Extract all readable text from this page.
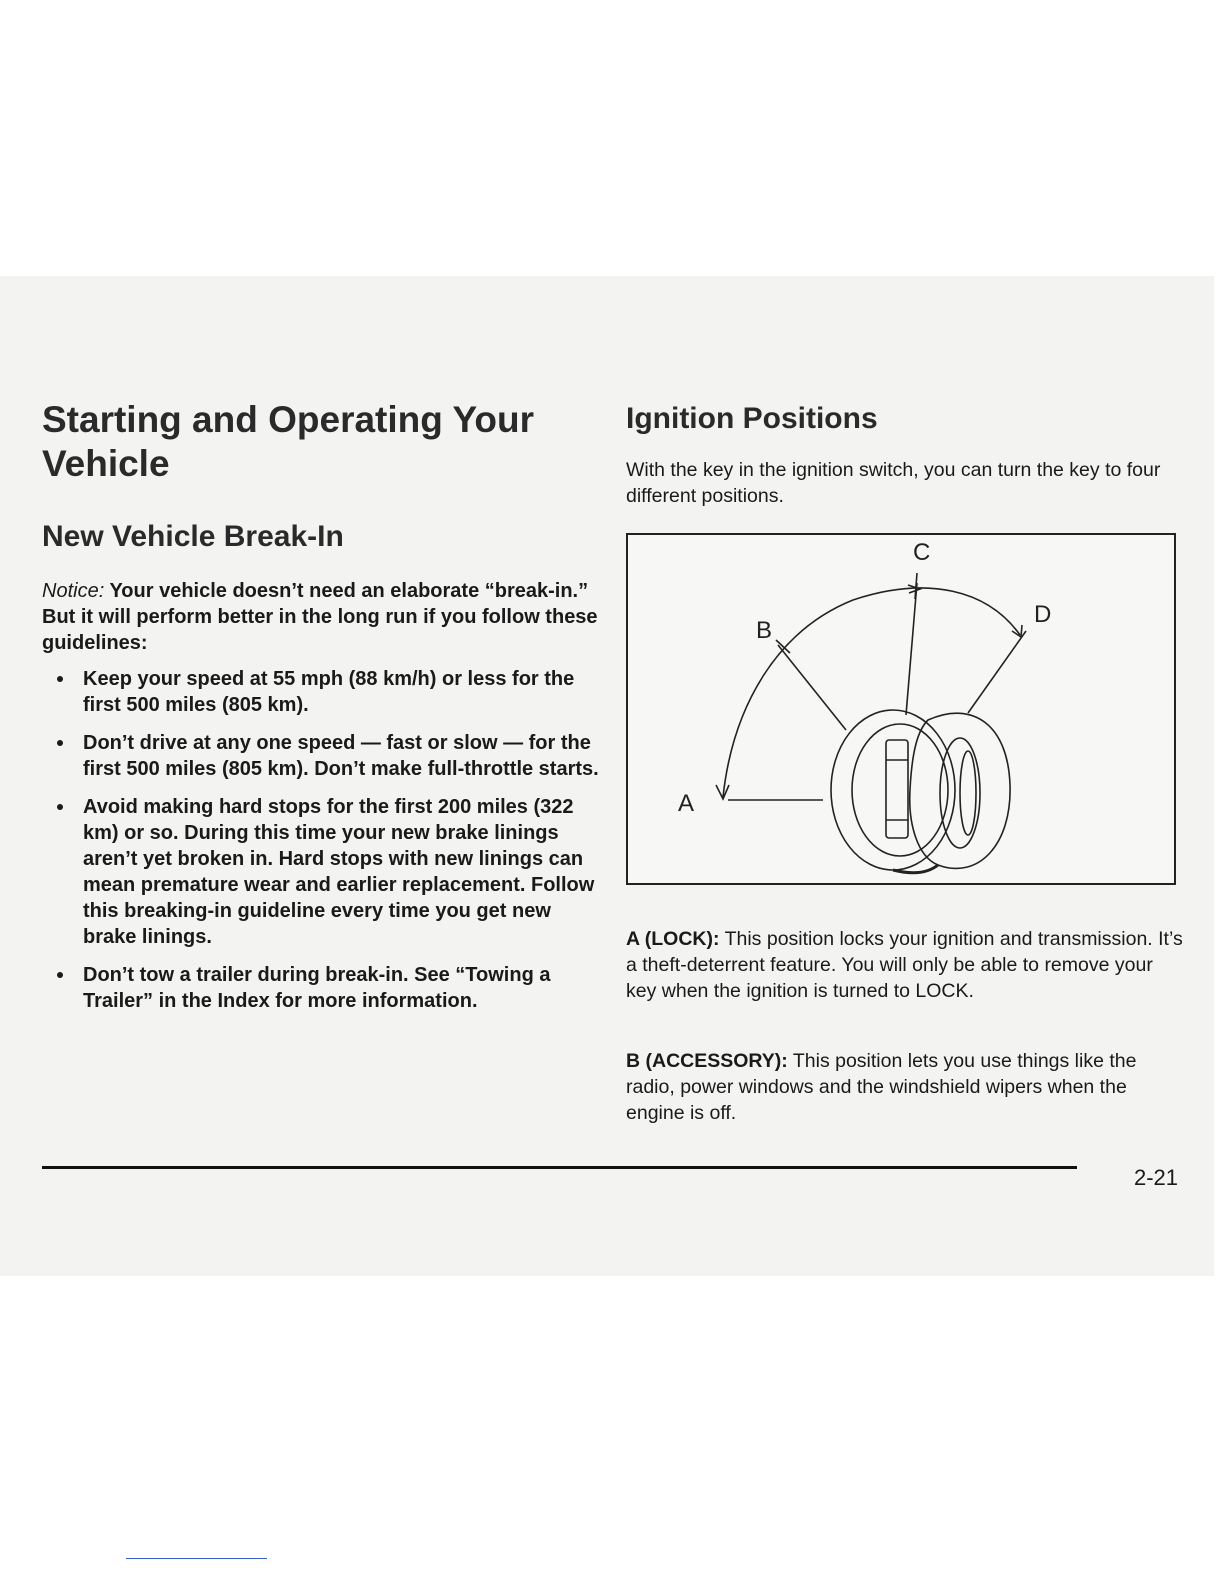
Starting and Operating Your Vehicle
New Vehicle Break-In

Notice: Your vehicle doesn’t need an elaborate “break-in.” But it will perform better in the long run if you follow these guidelines:

Keep your speed at 55 mph (88 km/h) or less for the first 500 miles (805 km).
Don’t drive at any one speed — fast or slow — for the first 500 miles (805 km). Don’t make full-throttle starts.
Avoid making hard stops for the first 200 miles (322 km) or so. During this time your new brake linings aren’t yet broken in. Hard stops with new linings can mean premature wear and earlier replacement. Follow this breaking-in guideline every time you get new brake linings.
Don’t tow a trailer during break-in. See “Towing a Trailer” in the Index for more information.
Ignition Positions

With the key in the ignition switch, you can turn the key to four different positions.

A
B
C
D

A (LOCK): This position locks your ignition and transmission. It’s a theft-deterrent feature. You will only be able to remove your key when the ignition is turned to LOCK.

B (ACCESSORY): This position lets you use things like the radio, power windows and the windshield wipers when the engine is off.

2-21
